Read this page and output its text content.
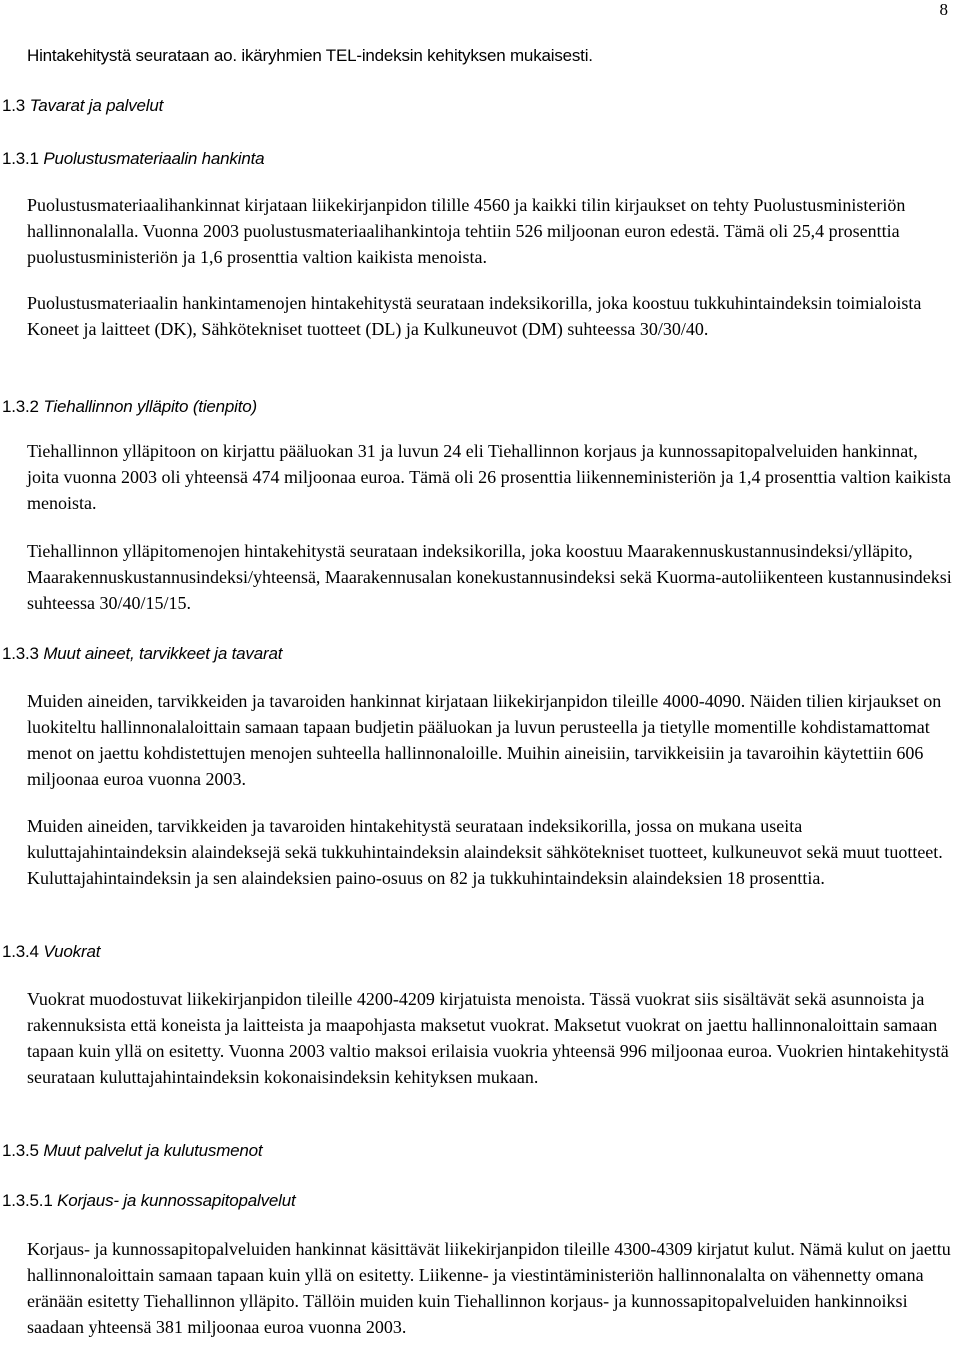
8

Hintakehitystä seurataan ao. ikäryhmien TEL-indeksin kehityksen mukaisesti.

1.3 Tavarat ja palvelut
1.3.1 Puolustusmateriaalin hankinta

Puolustusmateriaalihankinnat kirjataan liikekirjanpidon tilille 4560 ja kaikki tilin kirjaukset on tehty Puolustusministeriön hallinnonalalla. Vuonna 2003 puolustusmateriaalihankintoja tehtiin 526 miljoonan euron edestä. Tämä oli 25,4 prosenttia puolustusministeriön ja 1,6 prosenttia valtion kaikista menoista.

Puolustusmateriaalin hankintamenojen hintakehitystä seurataan indeksikorilla, joka koostuu tukkuhintaindeksin toimialoista Koneet ja laitteet (DK), Sähkötekniset tuotteet (DL) ja Kulkuneuvot (DM) suhteessa 30/30/40.

1.3.2 Tiehallinnon ylläpito (tienpito)

Tiehallinnon ylläpitoon on kirjattu pääluokan 31 ja luvun 24 eli Tiehallinnon korjaus ja kunnossapitopalveluiden hankinnat, joita vuonna 2003 oli yhteensä 474 miljoonaa euroa. Tämä oli 26 prosenttia liikenneministeriön ja 1,4 prosenttia valtion kaikista menoista.

Tiehallinnon ylläpitomenojen hintakehitystä seurataan indeksikorilla, joka koostuu Maarakennuskustannusindeksi/ylläpito, Maarakennuskustannusindeksi/yhteensä, Maarakennusalan konekustannusindeksi sekä Kuorma-autoliikenteen kustannusindeksi suhteessa 30/40/15/15.

1.3.3 Muut aineet, tarvikkeet ja tavarat

Muiden aineiden, tarvikkeiden ja tavaroiden hankinnat kirjataan liikekirjanpidon tileille 4000-4090. Näiden tilien kirjaukset on luokiteltu hallinnonalaloittain samaan tapaan budjetin pääluokan ja luvun perusteella ja tietylle momentille kohdistamattomat menot on jaettu kohdistettujen menojen suhteella hallinnonaloille. Muihin aineisiin, tarvikkeisiin ja tavaroihin käytettiin 606 miljoonaa euroa vuonna 2003.

Muiden aineiden, tarvikkeiden ja tavaroiden hintakehitystä seurataan indeksikorilla, jossa on mukana useita kuluttajahintaindeksin alaindeksejä sekä tukkuhintaindeksin alaindeksit sähkötekniset tuotteet, kulkuneuvot sekä muut tuotteet. Kuluttajahintaindeksin ja sen alaindeksien paino-osuus on 82 ja tukkuhintaindeksin alaindeksien 18 prosenttia.

1.3.4 Vuokrat

Vuokrat muodostuvat liikekirjanpidon tileille 4200-4209 kirjatuista menoista. Tässä vuokrat siis sisältävät sekä asunnoista ja rakennuksista että koneista ja laitteista ja maapohjasta maksetut vuokrat. Maksetut vuokrat on jaettu hallinnonaloittain samaan tapaan kuin yllä on esitetty. Vuonna 2003 valtio maksoi erilaisia vuokria yhteensä 996 miljoonaa euroa. Vuokrien hintakehitystä seurataan kuluttajahintaindeksin kokonaisindeksin kehityksen mukaan.

1.3.5 Muut palvelut ja kulutusmenot
1.3.5.1 Korjaus- ja kunnossapitopalvelut

Korjaus- ja kunnossapitopalveluiden hankinnat käsittävät liikekirjanpidon tileille 4300-4309 kirjatut kulut. Nämä kulut on jaettu hallinnonaloittain samaan tapaan kuin yllä on esitetty. Liikenne- ja viestintäministeriön hallinnonalalta on vähennetty omana eränään esitetty Tiehallinnon ylläpito. Tällöin muiden kuin Tiehallinnon korjaus- ja kunnossapitopalveluiden hankinnoiksi saadaan yhteensä 381 miljoonaa euroa vuonna 2003.
